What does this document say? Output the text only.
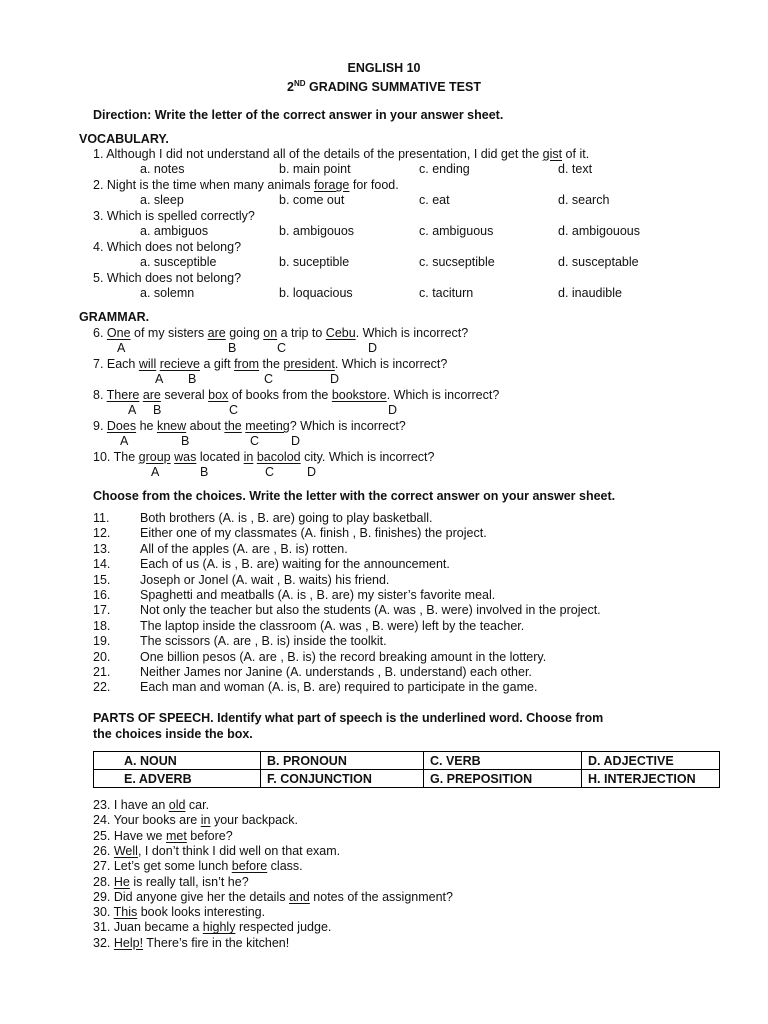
ENGLISH 10
2ND GRADING SUMMATIVE TEST
Direction: Write the letter of the correct answer in your answer sheet.
VOCABULARY.
1. Although I did not understand all of the details of the presentation, I did get the gist of it.
a. notes	b. main point	c. ending	d. text
2. Night is the time when many animals forage for food.
a. sleep	b. come out	c. eat	d. search
3. Which is spelled correctly?
a. ambiguos	b. ambigouos	c. ambiguous	d. ambigouous
4. Which does not belong?
a. susceptible	b. suceptible	c. sucseptible	d. susceptable
5. Which does not belong?
a. solemn	b. loquacious	c. taciturn	d. inaudible
GRAMMAR.
6. One of my sisters are going on a trip to Cebu. Which is incorrect?
A	B	C	D
7. Each will recieve a gift from the president. Which is incorrect?
A B	C	D
8. There are several box of books from the bookstore. Which is incorrect?
A B	C	D
9. Does he knew about the meeting? Which is incorrect?
A	B	C	D
10. The group was located in bacolod city. Which is incorrect?
A	B	C	D
Choose from the choices. Write the letter with the correct answer on your answer sheet.
11. Both brothers (A. is , B. are) going to play basketball.
12. Either one of my classmates (A. finish , B. finishes) the project.
13. All of the apples (A. are , B. is) rotten.
14. Each of us (A. is , B. are) waiting for the announcement.
15. Joseph or Jonel (A. wait , B. waits) his friend.
16. Spaghetti and meatballs (A. is , B. are) my sister’s favorite meal.
17. Not only the teacher but also the students (A. was , B. were) involved in the project.
18. The laptop inside the classroom (A. was , B. were) left by the teacher.
19. The scissors (A. are , B. is) inside the toolkit.
20. One billion pesos (A. are , B. is) the record breaking amount in the lottery.
21. Neither James nor Janine (A. understands , B. understand) each other.
22. Each man and woman (A. is, B. are) required to participate in the game.
PARTS OF SPEECH. Identify what part of speech is the underlined word. Choose from
the choices inside the box.
A. NOUN	B. PRONOUN	C. VERB	D. ADJECTIVE
E. ADVERB	F. CONJUNCTION	G. PREPOSITION	H. INTERJECTION
23. I have an old car.
24. Your books are in your backpack.
25. Have we met before?
26. Well, I don’t think I did well on that exam.
27. Let’s get some lunch before class.
28. He is really tall, isn’t he?
29. Did anyone give her the details and notes of the assignment?
30. This book looks interesting.
31. Juan became a highly respected judge.
32. Help! There’s fire in the kitchen!
